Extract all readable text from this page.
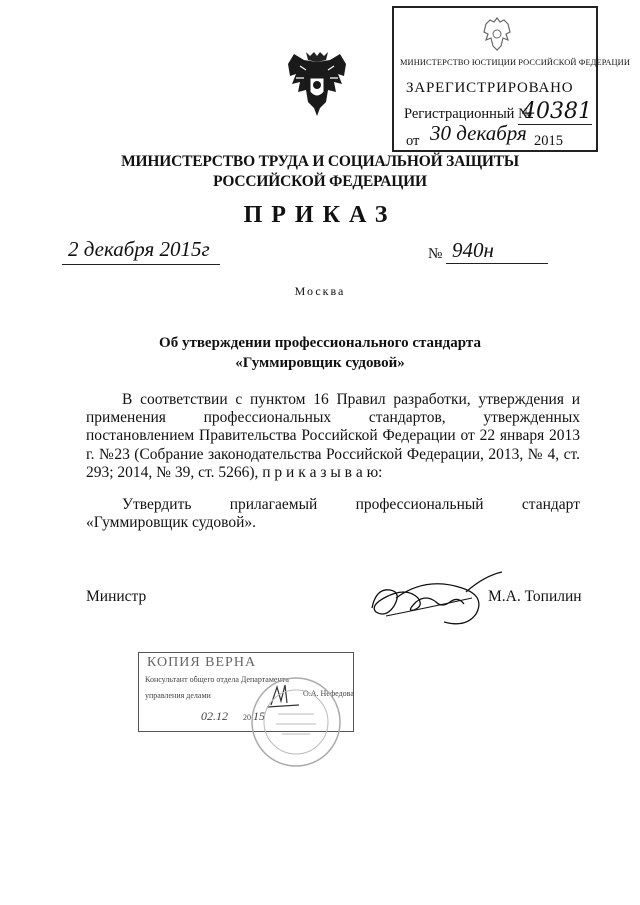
МИНИСТЕРСТВО ЮСТИЦИИ РОССИЙСКОЙ ФЕДЕРАЦИИ
ЗАРЕГИСТРИРОВАНО
Регистрационный №
40381
от 30 декабря 2015
МИНИСТЕРСТВО ТРУДА И СОЦИАЛЬНОЙ ЗАЩИТЫ
РОССИЙСКОЙ ФЕДЕРАЦИИ
ПРИКАЗ
2 декабря 2015г	№ 940н
Москва
Об утверждении профессионального стандарта
«Гуммировщик судовой»
В соответствии с пунктом 16 Правил разработки, утверждения и применения профессиональных стандартов, утвержденных постановлением Правительства Российской Федерации от 22 января 2013 г. №23 (Собрание законодательства Российской Федерации, 2013, № 4, ст. 293; 2014, № 39, ст. 5266), п р и к а з ы в а ю:
Утвердить прилагаемый профессиональный стандарт
«Гуммировщик судовой».
Министр	М.А. Топилин
КОПИЯ ВЕРНА
Консультант общего отдела Департамента
управления делами	О.А. Нефедова
02.12 20 15
